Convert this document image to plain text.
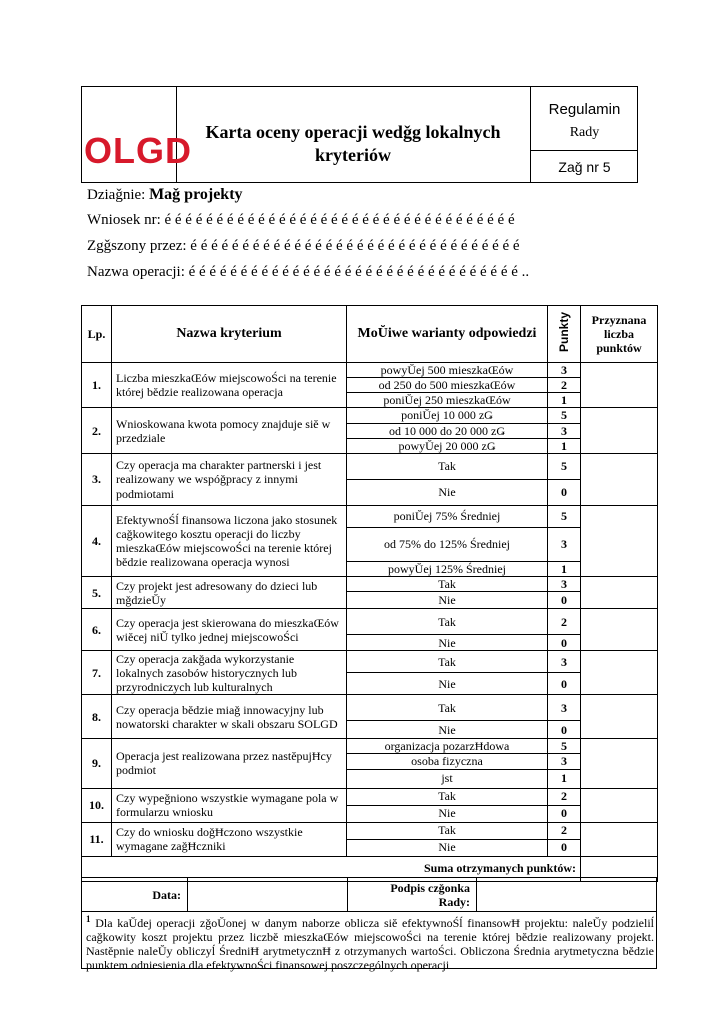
OLGD Karta oceny operacji wedǧg lokalnych
kryteriów
Regulamin
Rady
Zaǧ nr 5
Dziaǧnie: Maǧ projekty
Wniosek nr: é é é é é é é é é é é é é é é é é é é é é é é é é é é é é é é é é é
Zgǧszony przez: é é é é é é é é é é é é é é é é é é é é é é é é é é é é é é é é
Nazwa operacji: é é é é é é é é é é é é é é é é é é é é é é é é é é é é é é é é ..
Lp.	Nazwa kryterium	MoŬiwe warianty odpowiedzi	Punkty	Przyznana liczba punktów
1.	Liczba mieszkaŒów miejscowoŚci na terenie której bĕdzie realizowana operacja	powyŬej 500 mieszkaŒów	3	
		od 250 do 500 mieszkaŒów	2	
		poniŬej 250 mieszkaŒów	1	
2.	Wnioskowana kwota pomocy znajduje siĕ w przedziale	poniŬej 10 000 zǤ	5	
		od 10 000 do 20 000 zǤ	3	
		powyŬej 20 000 zǤ	1	
3.	Czy operacja ma charakter partnerski i jest realizowany we wspóǧpracy z innymi podmiotami	Tak	5	
		Nie	0	
4.	EfektywnoŚĺ finansowa liczona jako stosunek caǧkowitego kosztu operacji do liczby mieszkaŒów miejscowoŚci na terenie której bĕdzie realizowana operacja wynosi	poniŬej 75% Średniej	5	
		od 75% do 125% Średniej	3	
		powyŬej 125% Średniej	1	
5.	Czy projekt jest adresowany do dzieci lub mǧdzieŬy	Tak	3	
		Nie	0	
6.	Czy operacja jest skierowana do mieszkaŒów wiĕcej niŬ tylko jednej miejscowoŚci	Tak	2	
		Nie	0	
7.	Czy operacja zakǧada wykorzystanie lokalnych zasobów historycznych lub przyrodniczych lub kulturalnych	Tak	3	
		Nie	0	
8.	Czy operacja bĕdzie miaǧ innowacyjny lub nowatorski charakter w skali obszaru SOLGD	Tak	3	
		Nie	0	
9.	Operacja jest realizowana przez nastĕpujĦcy podmiot	organizacja pozarzĦdowa	5	
		osoba fizyczna	3	
		jst	1	
10.	Czy wypeǧniono wszystkie wymagane pola w formularzu wniosku	Tak	2	
		Nie	0	
11.	Czy do wniosku doǧĦczono wszystkie wymagane zaǧĦczniki	Tak	2	
		Nie	0	
Suma otrzymanych punktów:				
Data:	Podpis czǧonka
Rady:
$^1$ Dla kaŬdej operacji zǧoŬonej w danym naborze oblicza siĕ efektywnoŚĺ finansowĦ projektu: naleŬy podzieliĺ caǧkowity koszt projektu przez liczbĕ mieszkaŒów miejscowoŚci na terenie której bĕdzie realizowany projekt. Nastĕpnie naleŬy obliczyĺ ŚredniĦ arytmetycznĦ z otrzymanych wartoŚci. Obliczona Średnia arytmetyczna bĕdzie punktem odniesienia dla efektywnoŚci finansowej poszczególnych operacji
